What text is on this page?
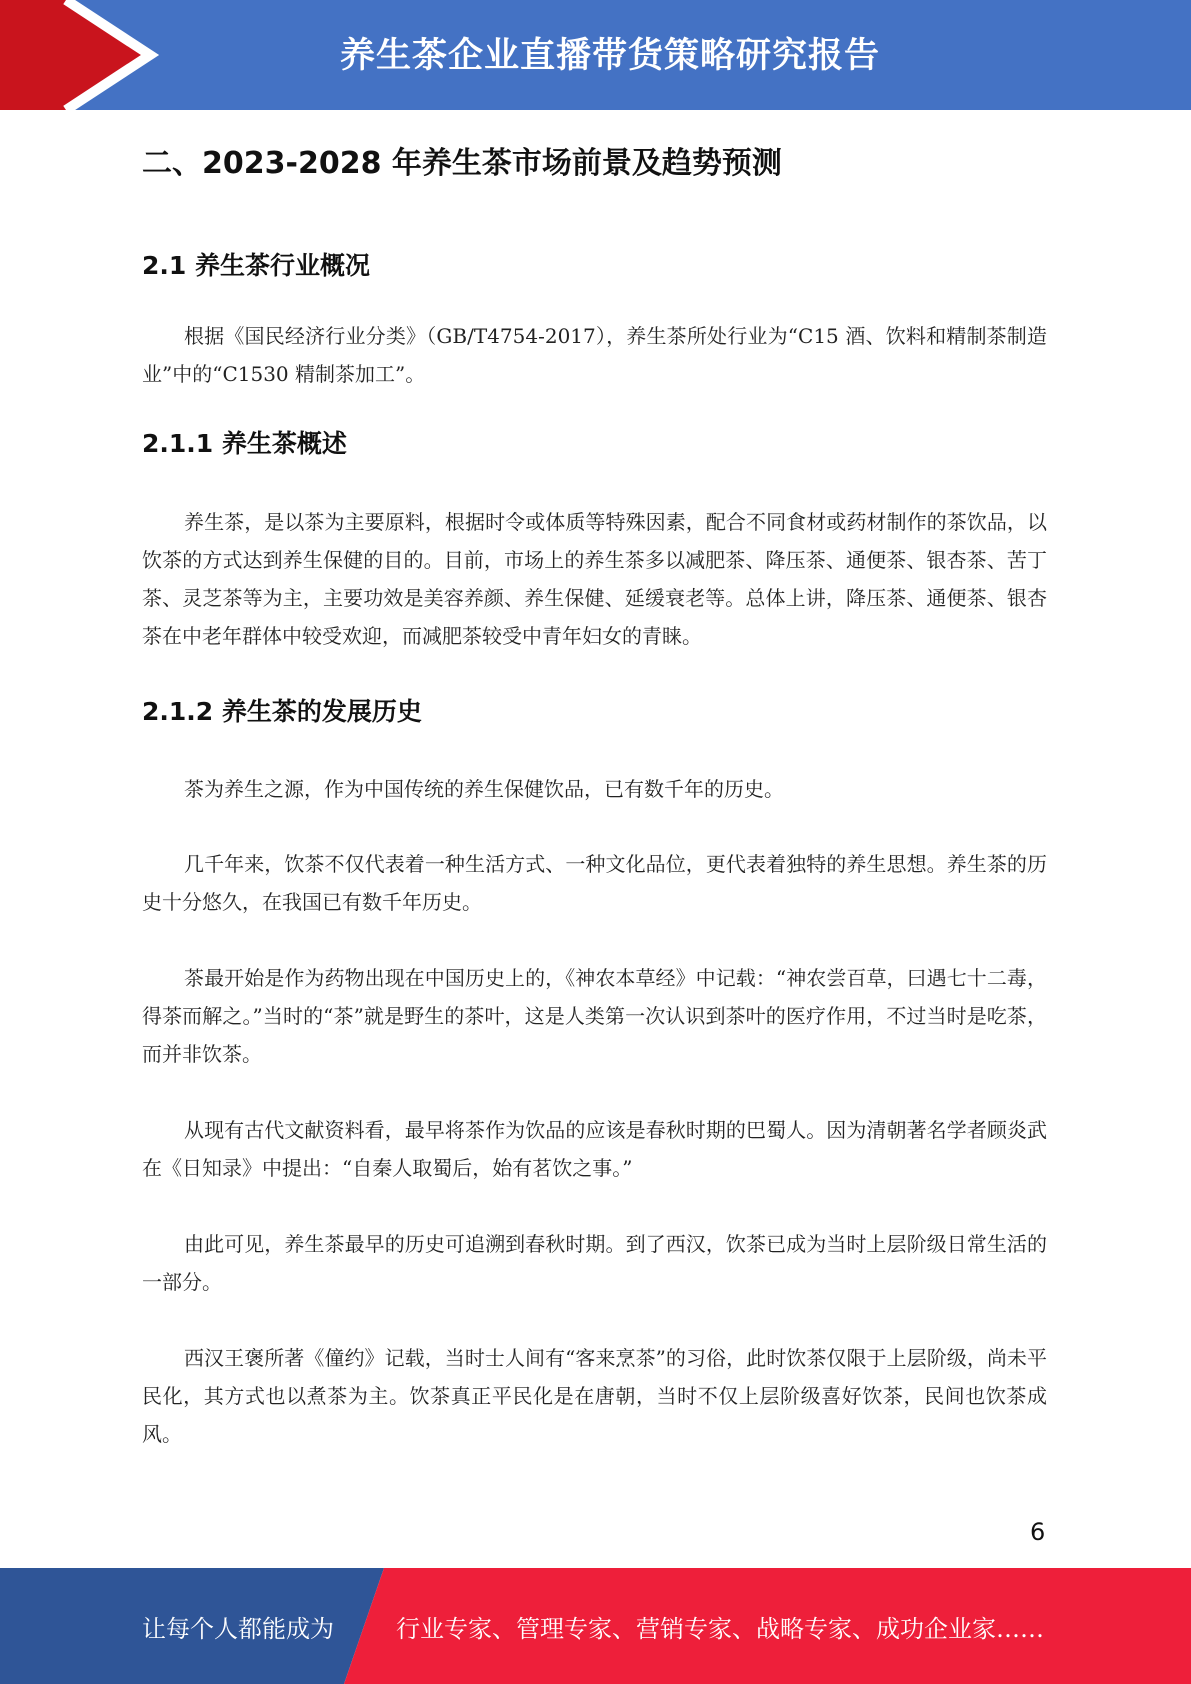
养生茶企业直播带货策略研究报告
二、2023-2028 年养生茶市场前景及趋势预测
2.1 养生茶行业概况

根据《国民经济行业分类》（GB/T4754-2017），养生茶所处行业为“C15 酒、饮料和精制茶制造业”中的“C1530 精制茶加工”。

2.1.1 养生茶概述

养生茶，是以茶为主要原料，根据时令或体质等特殊因素，配合不同食材或药材制作的茶饮品，以饮茶的方式达到养生保健的目的。目前，市场上的养生茶多以减肥茶、降压茶、通便茶、银杏茶、苦丁茶、灵芝茶等为主，主要功效是美容养颜、养生保健、延缓衰老等。总体上讲，降压茶、通便茶、银杏茶在中老年群体中较受欢迎，而减肥茶较受中青年妇女的青睐。

2.1.2 养生茶的发展历史

茶为养生之源，作为中国传统的养生保健饮品，已有数千年的历史。

几千年来，饮茶不仅代表着一种生活方式、一种文化品位，更代表着独特的养生思想。养生茶的历史十分悠久，在我国已有数千年历史。

茶最开始是作为药物出现在中国历史上的，《神农本草经》中记载：“神农尝百草，曰遇七十二毒，得茶而解之。”当时的“茶”就是野生的茶叶，这是人类第一次认识到茶叶的医疗作用，不过当时是吃茶，而并非饮茶。

从现有古代文献资料看，最早将茶作为饮品的应该是春秋时期的巴蜀人。因为清朝著名学者顾炎武在《日知录》中提出：“自秦人取蜀后，始有茗饮之事。”

由此可见，养生茶最早的历史可追溯到春秋时期。到了西汉，饮茶已成为当时上层阶级日常生活的一部分。

西汉王褒所著《僮约》记载，当时士人间有“客来烹茶”的习俗，此时饮茶仅限于上层阶级，尚未平民化，其方式也以煮茶为主。饮茶真正平民化是在唐朝，当时不仅上层阶级喜好饮茶，民间也饮茶成风。

6
让每个人都能成为	行业专家、管理专家、营销专家、战略专家、成功企业家……
